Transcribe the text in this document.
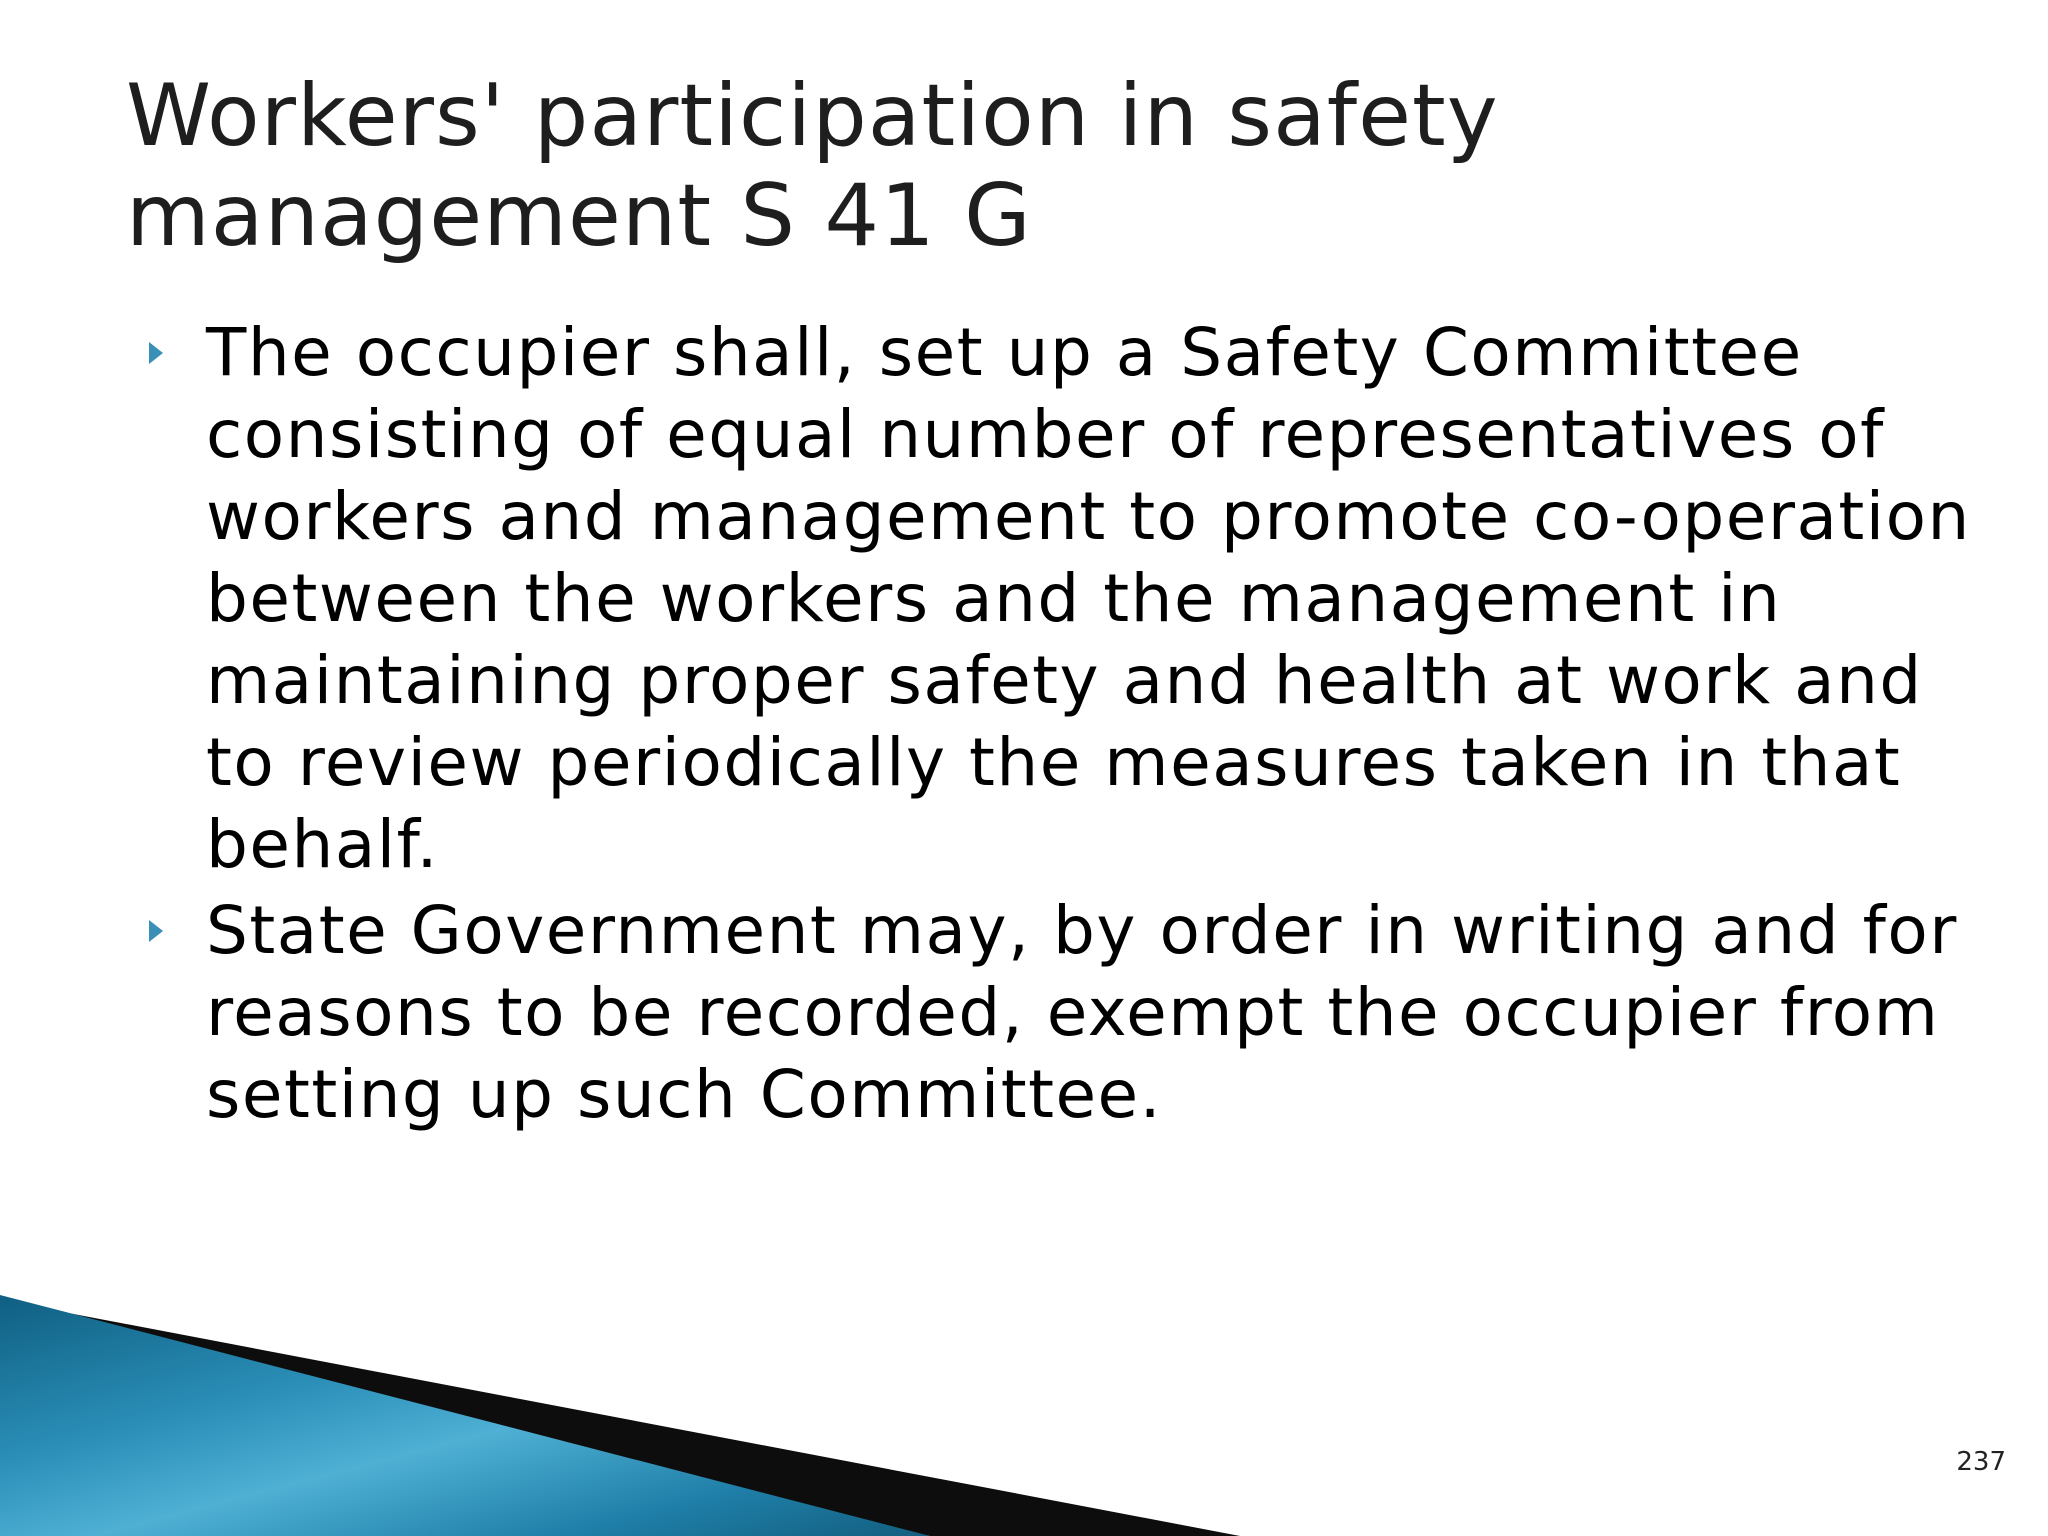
Workers' participation in safety
management S 41 G
The occupier shall, set up a Safety Committee consisting of equal number of representatives of workers and management to promote co-operation between the workers and the management in maintaining proper safety and health at work and to review periodically the measures taken in that behalf.
State Government may, by order in writing and for reasons to be recorded, exempt the occupier from setting up such Committee.
237
